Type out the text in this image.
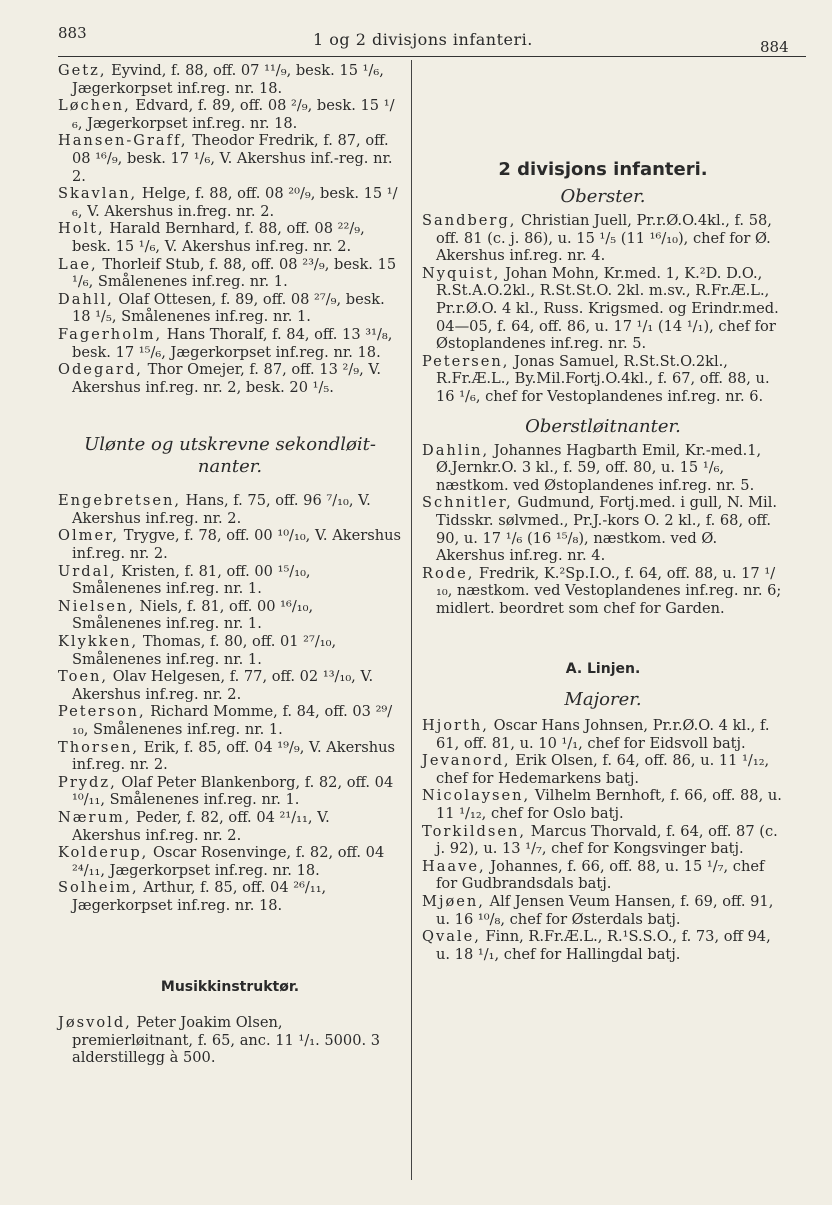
883	1 og 2 divisjons infanteri.	884

Getz, Eyvind, f. 88, off. 07 ¹¹/₉, besk. 15 ¹/₆, Jægerkorpset inf.reg. nr. 18.

Løchen, Edvard, f. 89, off. 08 ²/₉, besk. 15 ¹/₆, Jægerkorpset inf.reg. nr. 18.

Hansen-Graff, Theodor Fredrik, f. 87, off. 08 ¹⁶/₉, besk. 17 ¹/₆, V. Akershus inf.-reg. nr. 2.

Skavlan, Helge, f. 88, off. 08 ²⁰/₉, besk. 15 ¹/₆, V. Akershus in.freg. nr. 2.

Holt, Harald Bernhard, f. 88, off. 08 ²²/₉, besk. 15 ¹/₆, V. Akershus inf.reg. nr. 2.

Lae, Thorleif Stub, f. 88, off. 08 ²³/₉, besk. 15 ¹/₆, Smålenenes inf.reg. nr. 1.

Dahll, Olaf Ottesen, f. 89, off. 08 ²⁷/₉, besk. 18 ¹/₅, Smålenenes inf.reg. nr. 1.

Fagerholm, Hans Thoralf, f. 84, off. 13 ³¹/₈, besk. 17 ¹⁵/₆, Jægerkorpset inf.reg. nr. 18.

Odegard, Thor Omejer, f. 87, off. 13 ²/₉, V. Akershus inf.reg. nr. 2, besk. 20 ¹/₅.

Ulønte og utskrevne sekondløit-nanter.

Engebretsen, Hans, f. 75, off. 96 ⁷/₁₀, V. Akershus inf.reg. nr. 2.

Olmer, Trygve, f. 78, off. 00 ¹⁰/₁₀, V. Akershus inf.reg. nr. 2.

Urdal, Kristen, f. 81, off. 00 ¹⁵/₁₀, Smålenenes inf.reg. nr. 1.

Nielsen, Niels, f. 81, off. 00 ¹⁶/₁₀, Smålenenes inf.reg. nr. 1.

Klykken, Thomas, f. 80, off. 01 ²⁷/₁₀, Smålenenes inf.reg. nr. 1.

Toen, Olav Helgesen, f. 77, off. 02 ¹³/₁₀, V. Akershus inf.reg. nr. 2.

Peterson, Richard Momme, f. 84, off. 03 ²⁹/₁₀, Smålenenes inf.reg. nr. 1.

Thorsen, Erik, f. 85, off. 04 ¹⁹/₉, V. Akershus inf.reg. nr. 2.

Prydz, Olaf Peter Blankenborg, f. 82, off. 04 ¹⁰/₁₁, Smålenenes inf.reg. nr. 1.

Nærum, Peder, f. 82, off. 04 ²¹/₁₁, V. Akershus inf.reg. nr. 2.

Kolderup, Oscar Rosenvinge, f. 82, off. 04 ²⁴/₁₁, Jægerkorpset inf.reg. nr. 18.

Solheim, Arthur, f. 85, off. 04 ²⁶/₁₁, Jægerkorpset inf.reg. nr. 18.

Musikkinstruktør.

Jøsvold, Peter Joakim Olsen, premierløitnant, f. 65, anc. 11 ¹/₁. 5000. 3 alderstillegg à 500.

2 divisjons infanteri.

Oberster.

Sandberg, Christian Juell, Pr.r.Ø.O.4kl., f. 58, off. 81 (c. j. 86), u. 15 ¹/₅ (11 ¹⁶/₁₀), chef for Ø. Akershus inf.reg. nr. 4.

Nyquist, Johan Mohn, Kr.med. 1, K.²D. D.O., R.St.A.O.2kl., R.St.St.O. 2kl. m.sv., R.Fr.Æ.L., Pr.r.Ø.O. 4 kl., Russ. Krigsmed. og Erindr.med. 04—05, f. 64, off. 86, u. 17 ¹/₁ (14 ¹/₁), chef for Østoplandenes inf.reg. nr. 5.

Petersen, Jonas Samuel, R.St.St.O.2kl., R.Fr.Æ.L., By.Mil.Fortj.O.4kl., f. 67, off. 88, u. 16 ¹/₆, chef for Vestoplandenes inf.reg. nr. 6.

Oberstløitnanter.

Dahlin, Johannes Hagbarth Emil, Kr.-med.1, Ø.Jernkr.O. 3 kl., f. 59, off. 80, u. 15 ¹/₆, næstkom. ved Østoplandenes inf.reg. nr. 5.

Schnitler, Gudmund, Fortj.med. i gull, N. Mil. Tidsskr. sølvmed., Pr.J.-kors O. 2 kl., f. 68, off. 90, u. 17 ¹/₆ (16 ¹⁵/₈), næstkom. ved Ø. Akershus inf.reg. nr. 4.

Rode, Fredrik, K.²Sp.I.O., f. 64, off. 88, u. 17 ¹/₁₀, næstkom. ved Vestoplandenes inf.reg. nr. 6; midlert. beordret som chef for Garden.

A. Linjen.

Majorer.

Hjorth, Oscar Hans Johnsen, Pr.r.Ø.O. 4 kl., f. 61, off. 81, u. 10 ¹/₁, chef for Eidsvoll batj.

Jevanord, Erik Olsen, f. 64, off. 86, u. 11 ¹/₁₂, chef for Hedemarkens batj.

Nicolaysen, Vilhelm Bernhoft, f. 66, off. 88, u. 11 ¹/₁₂, chef for Oslo batj.

Torkildsen, Marcus Thorvald, f. 64, off. 87 (c. j. 92), u. 13 ¹/₇, chef for Kongsvinger batj.

Haave, Johannes, f. 66, off. 88, u. 15 ¹/₇, chef for Gudbrandsdals batj.

Mjøen, Alf Jensen Veum Hansen, f. 69, off. 91, u. 16 ¹⁰/₈, chef for Østerdals batj.

Qvale, Finn, R.Fr.Æ.L., R.¹S.S.O., f. 73, off 94, u. 18 ¹/₁, chef for Hallingdal batj.
